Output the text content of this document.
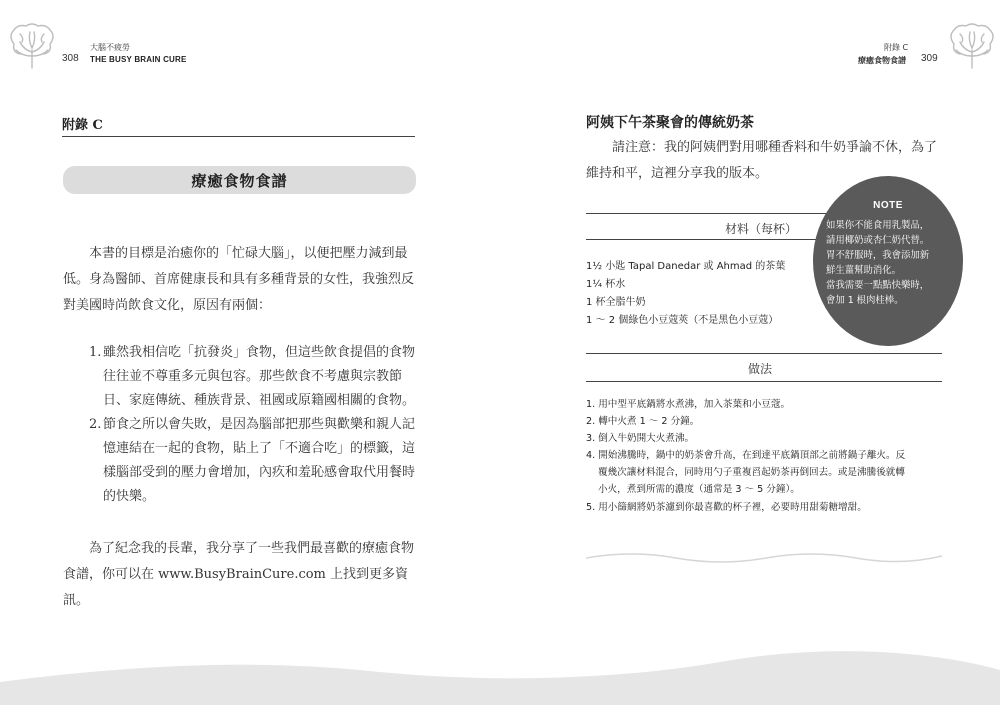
308
大腦不疲勞
THE BUSY BRAIN CURE
附錄 C
療癒食物食譜
本書的目標是治癒你的「忙碌大腦」，以便把壓力減到最
低。身為醫師、首席健康長和具有多種背景的女性，我強烈反
對美國時尚飲食文化，原因有兩個：
1. 雖然我相信吃「抗發炎」食物，但這些飲食提倡的食物
往往並不尊重多元與包容。那些飲食不考慮與宗教節
日、家庭傳統、種族背景、祖國或原籍國相關的食物。
2. 節食之所以會失敗，是因為腦部把那些與歡樂和親人記
憶連結在一起的食物，貼上了「不適合吃」的標籤，這
樣腦部受到的壓力會增加，內疚和羞恥感會取代用餐時
的快樂。
為了紀念我的長輩，我分享了一些我們最喜歡的療癒食物
食譜，你可以在 www.BusyBrainCure.com 上找到更多資訊。
附錄 C
療癒食物食譜 309
阿姨下午茶聚會的傳統奶茶

請注意：我的阿姨們對用哪種香料和牛奶爭論不休，為了維持和平，這裡分享我的版本。

材料（每杯）
1½ 小匙 Tapal Danedar 或 Ahmad 的茶葉
1¼ 杯水
1 杯全脂牛奶
1 ～ 2 個綠色小豆蔻莢（不是黑色小豆蔻）
做法
1. 用中型平底鍋將水煮沸，加入茶葉和小豆蔻。
2. 轉中火煮 1 ～ 2 分鐘。
3. 倒入牛奶開大火煮沸。
4. 開始沸騰時，鍋中的奶茶會升高，在到達平底鍋頂部之前將鍋子離火。反
覆幾次讓材料混合，同時用勺子重複舀起奶茶再倒回去。或是沸騰後就轉
小火，煮到所需的濃度（通常是 3 ～ 5 分鐘）。
5. 用小篩網將奶茶濾到你最喜歡的杯子裡，必要時用甜菊糖增甜。
NOTE
如果你不能食用乳製品，
請用椰奶或杏仁奶代替。
胃不舒服時，我會添加新
鮮生薑幫助消化。
當我需要一點點快樂時，
會加 1 根肉桂棒。
